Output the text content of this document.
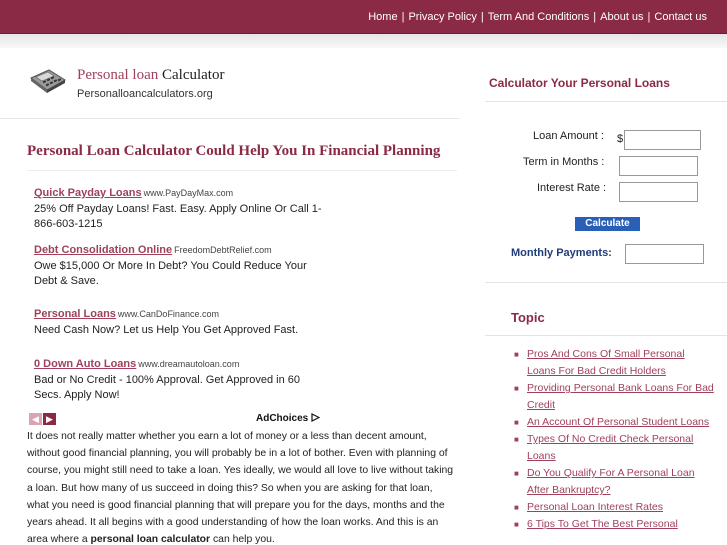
Home | Privacy Policy | Term And Conditions | About us | Contact us
Personal loan Calculator
Personalloancalculators.org
Personal Loan Calculator Could Help You In Financial Planning
Quick Payday Loans www.PayDayMax.com
25% Off Payday Loans! Fast. Easy. Apply Online Or Call 1-866-603-1215
Debt Consolidation Online FreedomDebtRelief.com
Owe $15,000 Or More In Debt? You Could Reduce Your Debt & Save.
Personal Loans www.CanDoFinance.com
Need Cash Now? Let us Help You Get Approved Fast.
0 Down Auto Loans www.dreamautoloan.com
Bad or No Credit - 100% Approval. Get Approved in 60 Secs. Apply Now!
◀ ▶	AdChoices
It does not really matter whether you earn a lot of money or a less than decent amount, without good financial planning, you will probably be in a lot of bother. Even with planning of course, you might still need to take a loan. Yes ideally, we would all love to live without taking a loan. But how many of us succeed in doing this? So when you are asking for that loan, what you need is good financial planning that will prepare you for the days, months and the years ahead. It all begins with a good understanding of how the loan works. And this is an area where a personal loan calculator can help you.
Calculator Your Personal Loans
Loan Amount : $
Term in Months :
Interest Rate :
Calculate
Monthly Payments:
Topic
■ Pros And Cons Of Small Personal Loans For Bad Credit Holders
■ Providing Personal Bank Loans For Bad Credit
■ An Account Of Personal Student Loans
■ Types Of No Credit Check Personal Loans
■ Do You Qualify For A Personal Loan After Bankruptcy?
■ Personal Loan Interest Rates
■ 6 Tips To Get The Best Personal
